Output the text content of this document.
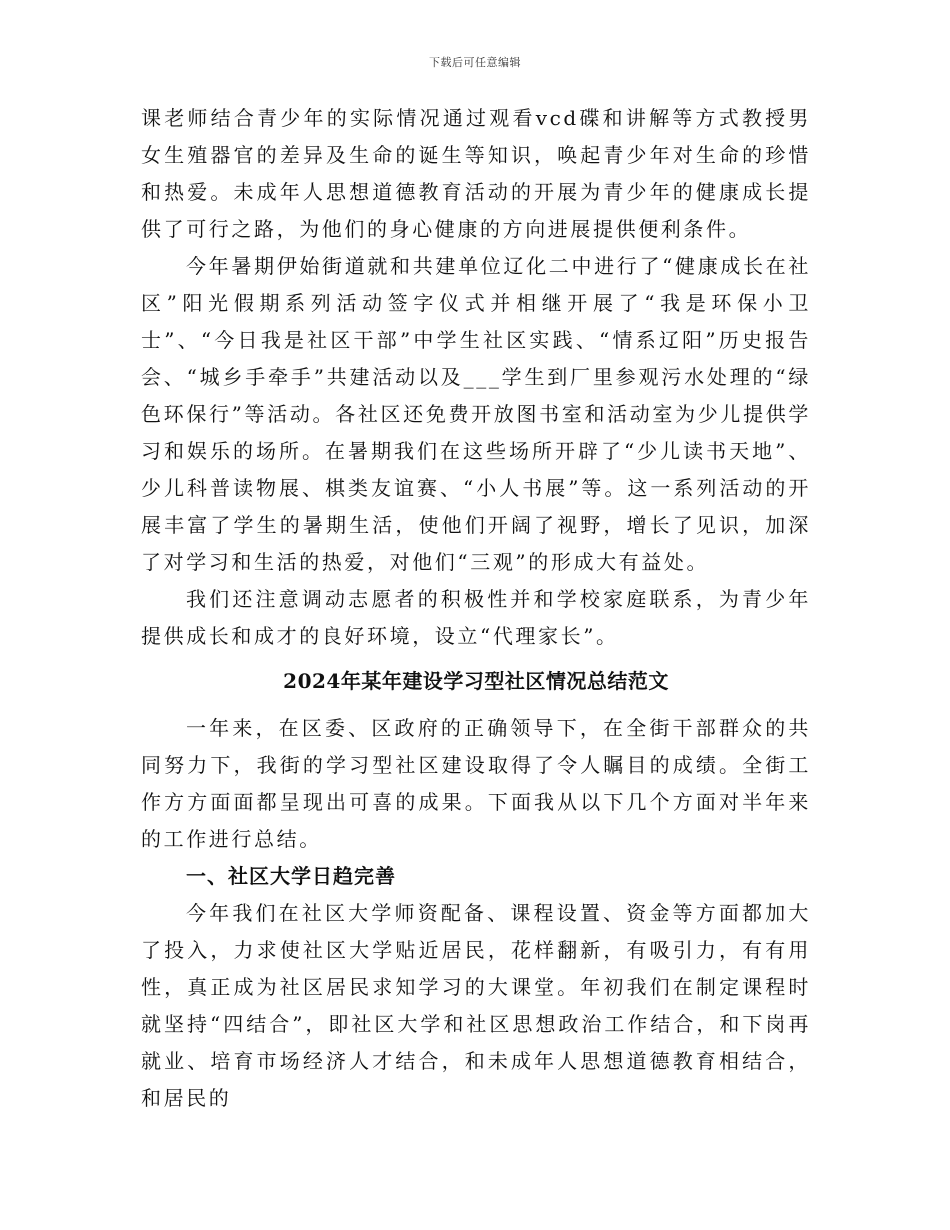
下载后可任意编辑

课老师结合青少年的实际情况通过观看vcd碟和讲解等方式教授男女生殖器官的差异及生命的诞生等知识，唤起青少年对生命的珍惜和热爱。未成年人思想道德教育活动的开展为青少年的健康成长提供了可行之路，为他们的身心健康的方向进展提供便利条件。

今年暑期伊始街道就和共建单位辽化二中进行了“健康成长在社区”阳光假期系列活动签字仪式并相继开展了“我是环保小卫士”、“今日我是社区干部”中学生社区实践、“情系辽阳”历史报告会、“城乡手牵手”共建活动以及___学生到厂里参观污水处理的“绿色环保行”等活动。各社区还免费开放图书室和活动室为少儿提供学习和娱乐的场所。在暑期我们在这些场所开辟了“少儿读书天地”、少儿科普读物展、棋类友谊赛、“小人书展”等。这一系列活动的开展丰富了学生的暑期生活，使他们开阔了视野，增长了见识，加深了对学习和生活的热爱，对他们“三观”的形成大有益处。

我们还注意调动志愿者的积极性并和学校家庭联系，为青少年提供成长和成才的良好环境，设立“代理家长”。

2024年某年建设学习型社区情况总结范文

一年来，在区委、区政府的正确领导下，在全街干部群众的共同努力下，我街的学习型社区建设取得了令人瞩目的成绩。全街工作方方面面都呈现出可喜的成果。下面我从以下几个方面对半年来的工作进行总结。

一、社区大学日趋完善

今年我们在社区大学师资配备、课程设置、资金等方面都加大了投入，力求使社区大学贴近居民，花样翻新，有吸引力，有有用性，真正成为社区居民求知学习的大课堂。年初我们在制定课程时就坚持“四结合”，即社区大学和社区思想政治工作结合，和下岗再就业、培育市场经济人才结合，和未成年人思想道德教育相结合，和居民的
